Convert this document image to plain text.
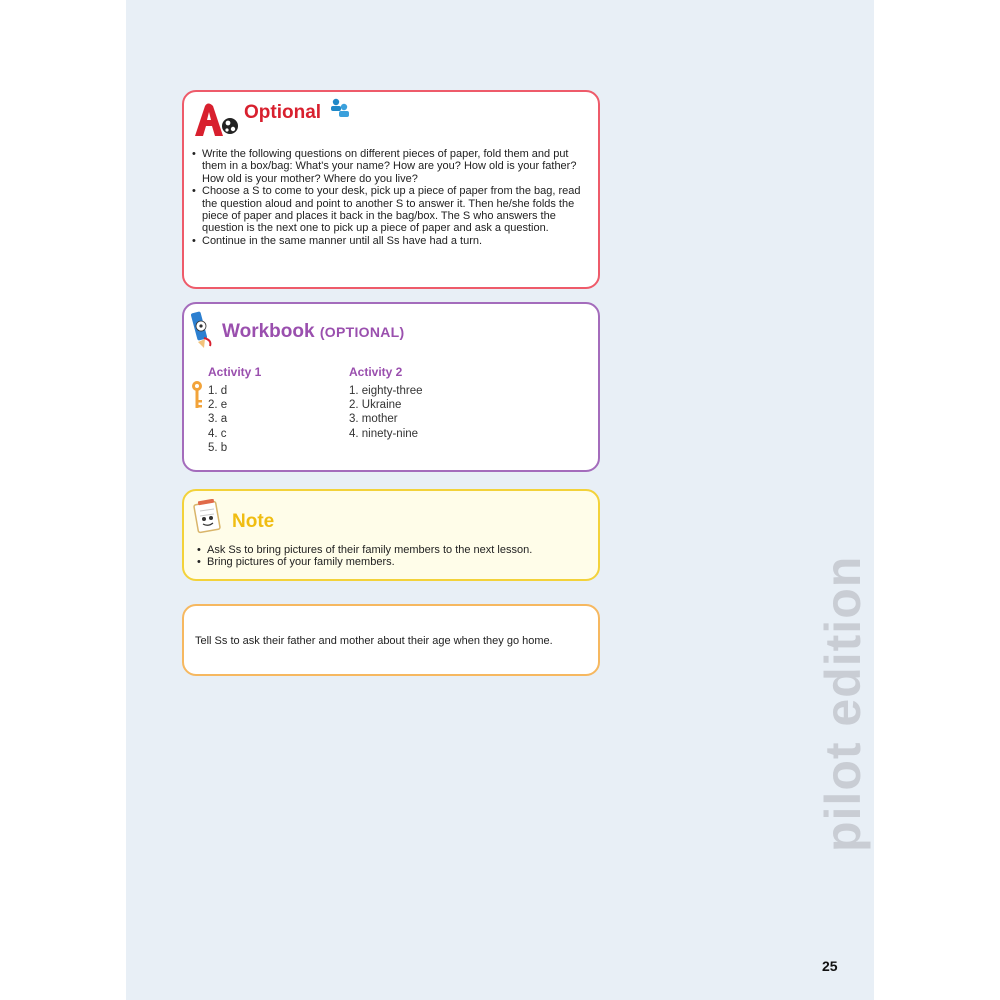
Optional
• Write the following questions on different pieces of paper, fold them and put them in a box/bag: What's your name? How are you? How old is your father? How old is your mother? Where do you live?
• Choose a S to come to your desk, pick up a piece of paper from the bag, read the question aloud and point to another S to answer it. Then he/she folds the piece of paper and places it back in the bag/box. The S who answers the question is the next one to pick up a piece of paper and ask a question.
• Continue in the same manner until all Ss have had a turn.
Workbook (OPTIONAL)
Activity 1
1. d
2. e
3. a
4. c
5. b
Activity 2
1. eighty-three
2. Ukraine
3. mother
4. ninety-nine
Note
• Ask Ss to bring pictures of their family members to the next lesson.
• Bring pictures of your family members.
Tell Ss to ask their father and mother about their age when they go home.	pilot edition
25
